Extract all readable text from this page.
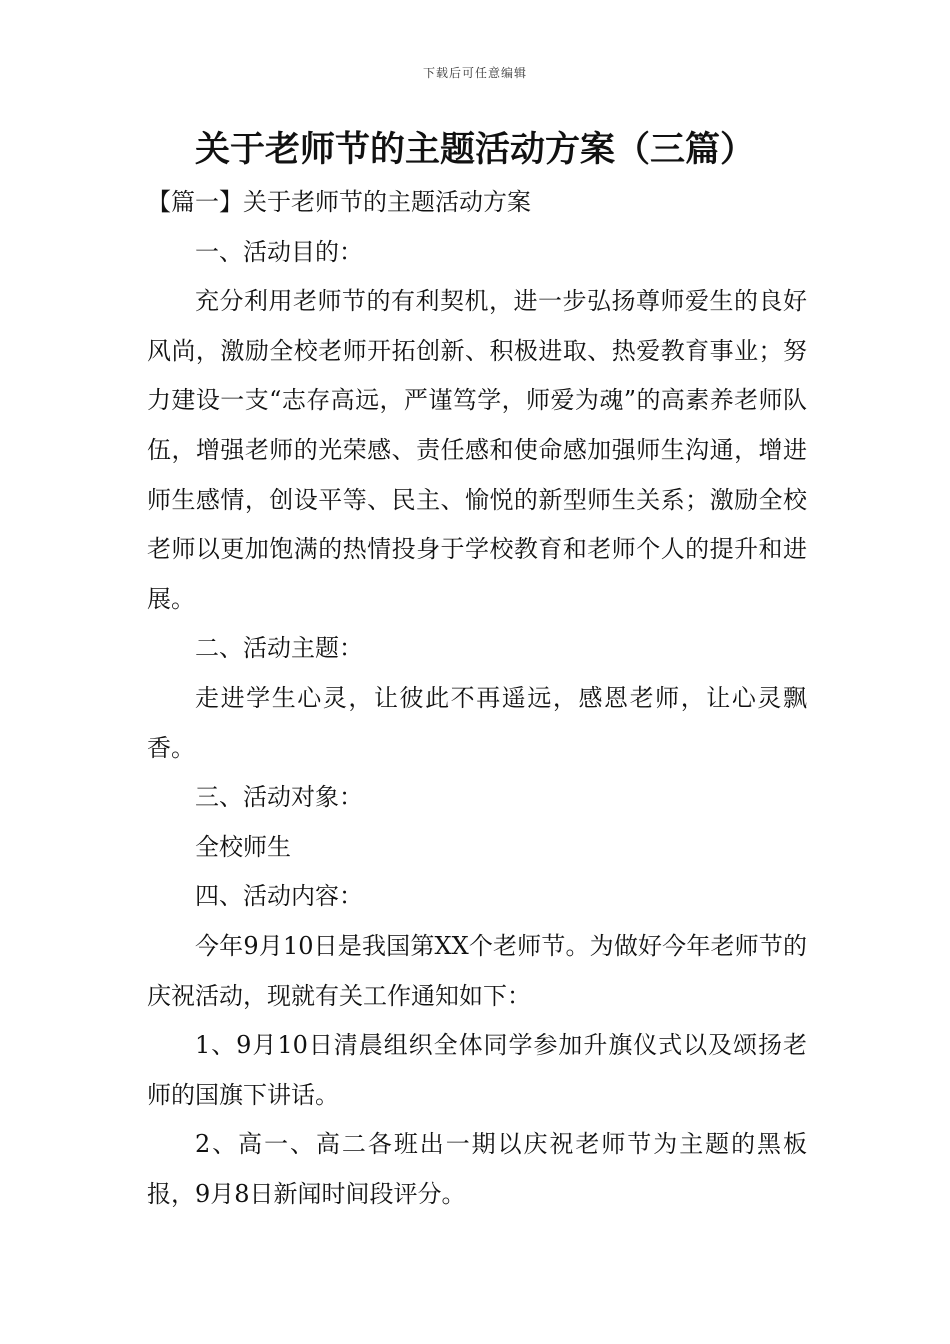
下载后可任意编辑
关于老师节的主题活动方案（三篇）

【篇一】关于老师节的主题活动方案

一、活动目的：

充分利用老师节的有利契机，进一步弘扬尊师爱生的良好风尚，激励全校老师开拓创新、积极进取、热爱教育事业；努力建设一支“志存高远，严谨笃学，师爱为魂”的高素养老师队伍，增强老师的光荣感、责任感和使命感加强师生沟通，增进师生感情，创设平等、民主、愉悦的新型师生关系；激励全校老师以更加饱满的热情投身于学校教育和老师个人的提升和进展。

二、活动主题：

走进学生心灵，让彼此不再遥远，感恩老师，让心灵飘香。

三、活动对象：

全校师生

四、活动内容：

今年9月10日是我国第XX个老师节。为做好今年老师节的庆祝活动，现就有关工作通知如下：

1、9月10日清晨组织全体同学参加升旗仪式以及颂扬老师的国旗下讲话。

2、高一、高二各班出一期以庆祝老师节为主题的黑板报，9月8日新闻时间段评分。
